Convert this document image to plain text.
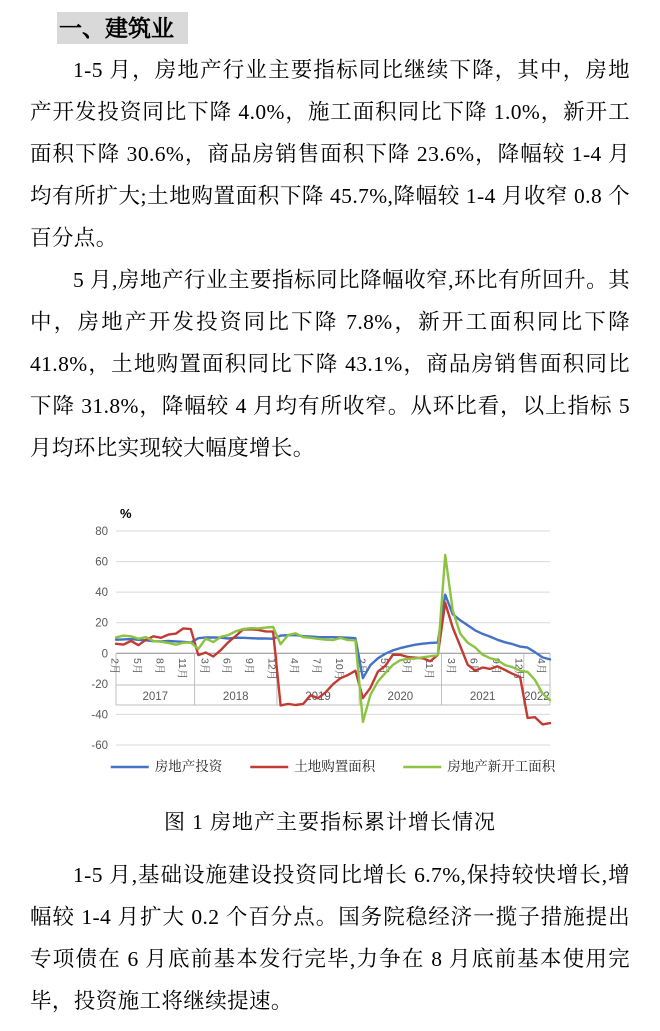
一、建筑业

1-5 月，房地产行业主要指标同比继续下降，其中，房地产开发投资同比下降 4.0%，施工面积同比下降 1.0%，新开工面积下降 30.6%，商品房销售面积下降 23.6%，降幅较 1-4 月均有所扩大;土地购置面积下降 45.7%,降幅较 1-4 月收窄 0.8 个百分点。

5 月,房地产行业主要指标同比降幅收窄,环比有所回升。其中，房地产开发投资同比下降 7.8%，新开工面积同比下降 41.8%，土地购置面积同比下降 43.1%，商品房销售面积同比下降 31.8%，降幅较 4 月均有所收窄。从环比看，以上指标 5 月均环比实现较大幅度增长。

80
60
40
20
0
-20
-40
-60
%
2017	2018	2019	2020	2021 2022
2月 5月 8月 11月 3月 6月 9月 12月 4月 7月 10月 2月 5月 8月 11月 3月 6月 9月 12月 4月
房地产投资	土地购置面积	房地产新开工面积
图 1 房地产主要指标累计增长情况

1-5 月,基础设施建设投资同比增长 6.7%,保持较快增长,增幅较 1-4 月扩大 0.2 个百分点。国务院稳经济一揽子措施提出专项债在 6 月底前基本发行完毕,力争在 8 月底前基本使用完毕，投资施工将继续提速。
